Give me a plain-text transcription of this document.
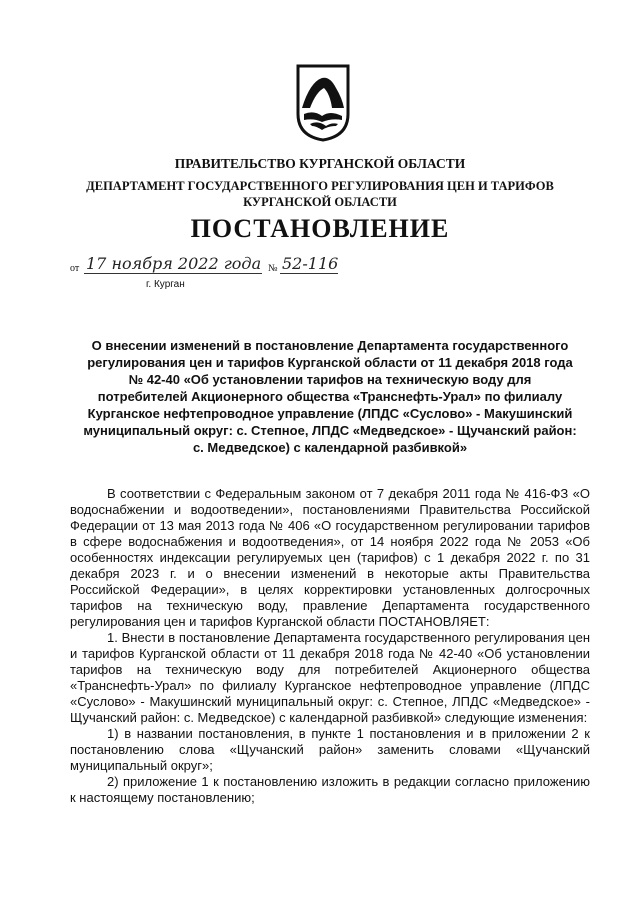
ПРАВИТЕЛЬСТВО КУРГАНСКОЙ ОБЛАСТИ
ДЕПАРТАМЕНТ ГОСУДАРСТВЕННОГО РЕГУЛИРОВАНИЯ ЦЕН И ТАРИФОВ
КУРГАНСКОЙ ОБЛАСТИ
ПОСТАНОВЛЕНИЕ
от 17 ноября 2022 года № 52-116
г. Курган
О внесении изменений в постановление Департамента государственного
регулирования цен и тарифов Курганской области от 11 декабря 2018 года
№ 42-40 «Об установлении тарифов на техническую воду для
потребителей Акционерного общества «Транснефть-Урал» по филиалу
Курганское нефтепроводное управление (ЛПДС «Суслово» - Макушинский
муниципальный округ: с. Степное, ЛПДС «Медведское» - Щучанский район:
с. Медведское) с календарной разбивкой»

В соответствии с Федеральным законом от 7 декабря 2011 года № 416-ФЗ «О водоснабжении и водоотведении», постановлениями Правительства Российской Федерации от 13 мая 2013 года № 406 «О государственном регулировании тарифов в сфере водоснабжения и водоотведения», от 14 ноября 2022 года № 2053 «Об особенностях индексации регулируемых цен (тарифов) с 1 декабря 2022 г. по 31 декабря 2023 г. и о внесении изменений в некоторые акты Правительства Российской Федерации», в целях корректировки установленных долгосрочных тарифов на техническую воду, правление Департамента государственного регулирования цен и тарифов Курганской области ПОСТАНОВЛЯЕТ:

1. Внести в постановление Департамента государственного регулирования цен и тарифов Курганской области от 11 декабря 2018 года № 42-40 «Об установлении тарифов на техническую воду для потребителей Акционерного общества «Транснефть-Урал» по филиалу Курганское нефтепроводное управление (ЛПДС «Суслово» - Макушинский муниципальный округ: с. Степное, ЛПДС «Медведское» - Щучанский район: с. Медведское) с календарной разбивкой» следующие изменения:

1) в названии постановления, в пункте 1 постановления и в приложении 2 к постановлению слова «Щучанский район» заменить словами «Щучанский муниципальный округ»;

2) приложение 1 к постановлению изложить в редакции согласно приложению к настоящему постановлению;
